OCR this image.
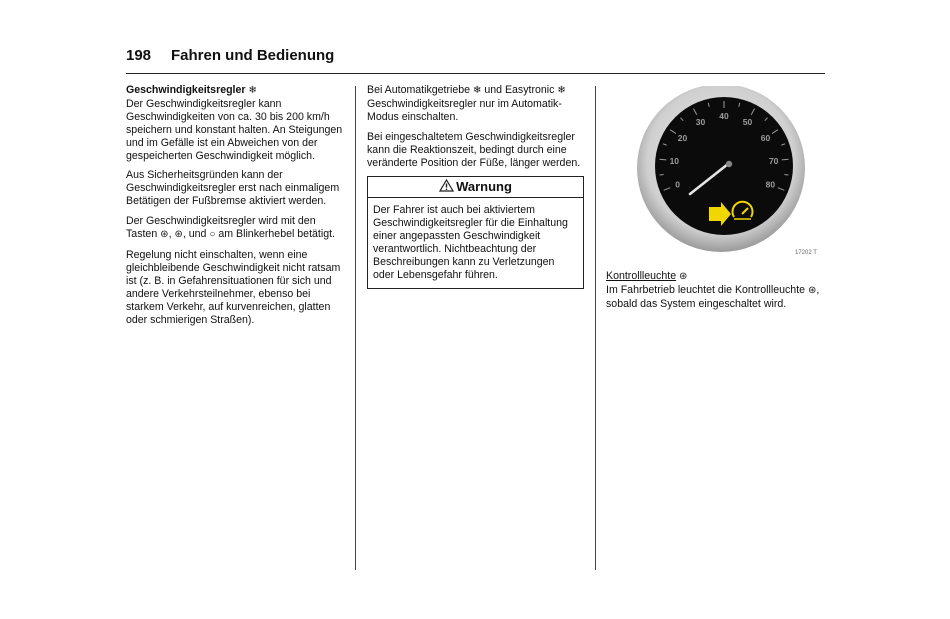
198 Fahren und Bedienung
Geschwindigkeitsregler ❄

Der Geschwindigkeitsregler kann Geschwindigkeiten von ca. 30 bis 200 km/h speichern und konstant halten. An Steigungen und im Gefälle ist ein Abweichen von der gespeicherten Geschwindigkeit möglich.

Aus Sicherheitsgründen kann der Geschwindigkeitsregler erst nach einmaligem Betätigen der Fußbremse aktiviert werden.

Der Geschwindigkeitsregler wird mit den Tasten ⊛, ⊛, und ○ am Blinkerhebel betätigt.

Regelung nicht einschalten, wenn eine gleichbleibende Geschwindigkeit nicht ratsam ist (z. B. in Gefahrensituationen für sich und andere Verkehrsteilnehmer, ebenso bei starkem Verkehr, auf kurvenreichen, glatten oder schmierigen Straßen).

Bei Automatikgetriebe ❄ und Easytronic ❄ Geschwindigkeitsregler nur im Automatik-Modus einschalten.

Bei eingeschaltetem Geschwindigkeitsregler kann die Reaktionszeit, bedingt durch eine veränderte Position der Füße, länger werden.

Warnung
Der Fahrer ist auch bei aktiviertem Geschwindigkeitsregler für die Einhaltung einer angepassten Geschwindigkeit verantwortlich. Nichtbeachtung der Beschreibungen kann zu Verletzungen oder Lebensgefahr führen.
0
10
20
30
40
50
60
70
80
17202 T
Kontrollleuchte ⊛
Im Fahrbetrieb leuchtet die Kontrollleuchte ⊛, sobald das System eingeschaltet wird.
